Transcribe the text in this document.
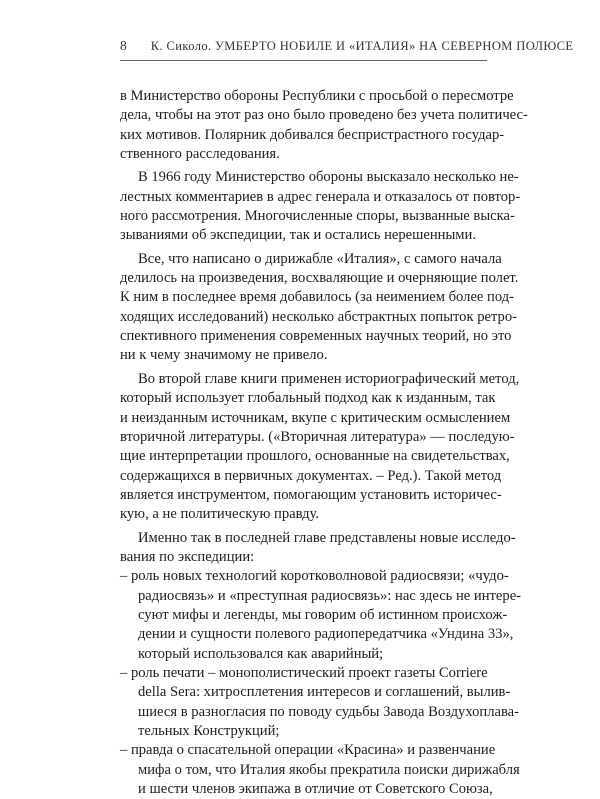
8 К. Сиколо. УМБЕРТО НОБИЛЕ И «ИТАЛИЯ» НА СЕВЕРНОМ ПОЛЮСЕ
в Министерство обороны Республики с просьбой о пересмотре
дела, чтобы на этот раз оно было проведено без учета политичес-
ких мотивов. Полярник добивался беспристрастного государ-
ственного расследования.
В 1966 году Министерство обороны высказало несколько не-
лестных комментариев в адрес генерала и отказалось от повтор-
ного рассмотрения. Многочисленные споры, вызванные выска-
зываниями об экспедиции, так и остались нерешенными.
Все, что написано о дирижабле «Италия», с самого начала
делилось на произведения, восхваляющие и очерняющие полет.
К ним в последнее время добавилось (за неимением более под-
ходящих исследований) несколько абстрактных попыток ретро-
спективного применения современных научных теорий, но это
ни к чему значимому не привело.
Во второй главе книги применен историографический метод,
который использует глобальный подход как к изданным, так
и неизданным источникам, вкупе с критическим осмыслением
вторичной литературы. («Вторичная литература» — последую-
щие интерпретации прошлого, основанные на свидетельствах,
содержащихся в первичных документах. – Ред.). Такой метод
является инструментом, помогающим установить историчес-
кую, а не политическую правду.
Именно так в последней главе представлены новые исследо-
вания по экспедиции:
– роль новых технологий коротковолновой радиосвязи; «чудо-
радиосвязь» и «преступная радиосвязь»: нас здесь не интере-
суют мифы и легенды, мы говорим об истинном происхож-
дении и сущности полевого радиопередатчика «Ундина 33»,
который использовался как аварийный;
– роль печати – монополистический проект газеты Corriere
della Sera: хитросплетения интересов и соглашений, вылив-
шиеся в разногласия по поводу судьбы Завода Воздухоплава-
тельных Конструкций;
– правда о спасательной операции «Красина» и развенчание
мифа о том, что Италия якобы прекратила поиски дирижабля
и шести членов экипажа в отличие от Советского Союза,
